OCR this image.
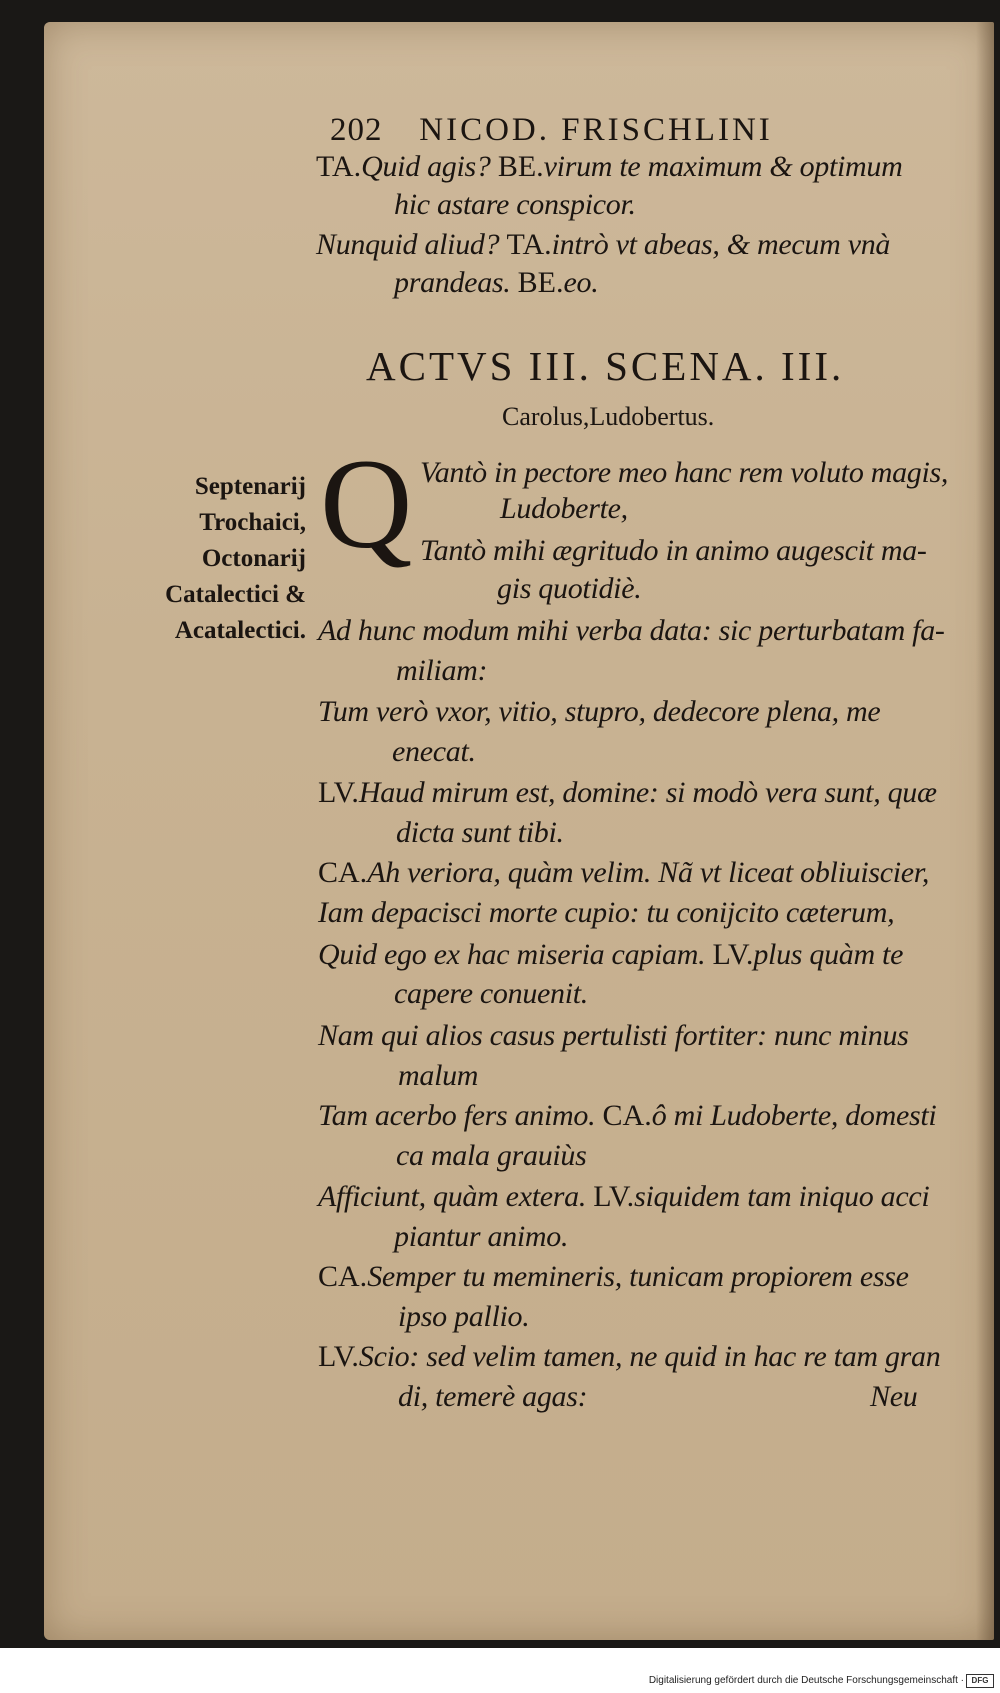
202 NICOD. FRISCHLINI
TA.Quid agis? BE.virum te maximum & optimum
hic astare conspicor.
Nunquid aliud? TA.intrò vt abeas, & mecum vnà
prandeas. BE.eo.
ACTVS III. SCENA. III.
Carolus,Ludobertus.
Septenarij
Trochaici,
Octonarij
Catalectici &
Acatalectici.
Q Vantò in pectore meo hanc rem voluto magis,
Ludoberte,
Tantò mihi ægritudo in animo augescit ma-
gis quotidiè.
Ad hunc modum mihi verba data: sic perturbatam fa-
miliam:
Tum verò vxor, vitio, stupro, dedecore plena, me
enecat.
LV.Haud mirum est, domine: si modò vera sunt, quæ
dicta sunt tibi.
CA.Ah veriora, quàm velim. Nã vt liceat obliuiscier,
Iam depacisci morte cupio: tu conijcito cæterum,
Quid ego ex hac miseria capiam. LV.plus quàm te
capere conuenit.
Nam qui alios casus pertulisti fortiter: nunc minus
malum
Tam acerbo fers animo. CA.ô mi Ludoberte, domesti
ca mala grauiùs
Afficiunt, quàm extera. LV.siquidem tam iniquo acci
piantur animo.
CA.Semper tu memineris, tunicam propiorem esse
ipso pallio.
LV.Scio: sed velim tamen, ne quid in hac re tam gran
di, temerè agas:	Neu
Digitalisierung gefördert durch die Deutsche Forschungsgemeinschaft · DFG
